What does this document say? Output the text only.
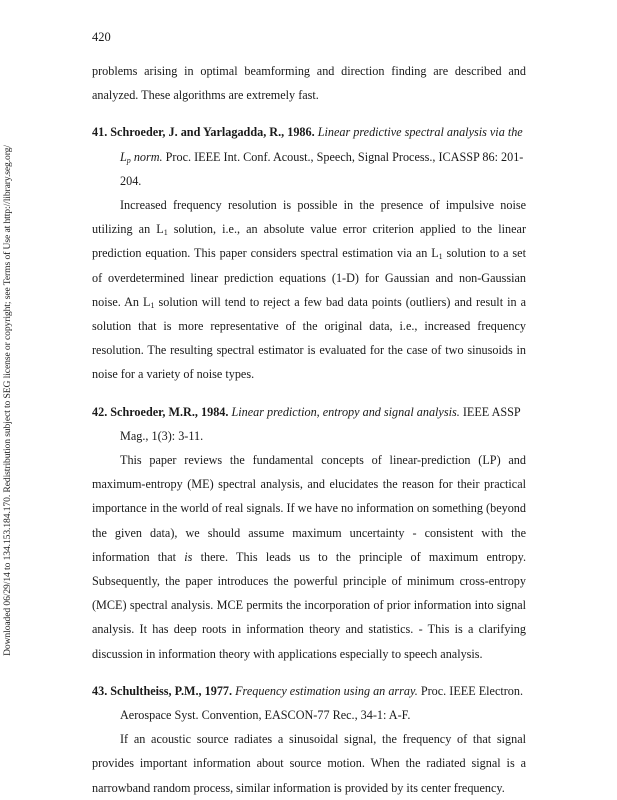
Downloaded 06/29/14 to 134.153.184.170. Redistribution subject to SEG license or copyright; see Terms of Use at http://library.seg.org/
420

problems arising in optimal beamforming and direction finding are described and analyzed. These algorithms are extremely fast.

41. Schroeder, J. and Yarlagadda, R., 1986. Linear predictive spectral analysis via the $L_p$ norm. Proc. IEEE Int. Conf. Acoust., Speech, Signal Process., ICASSP 86: 201-204.

Increased frequency resolution is possible in the presence of impulsive noise utilizing an $L_1$ solution, i.e., an absolute value error criterion applied to the linear prediction equation. This paper considers spectral estimation via an $L_1$ solution to a set of overdetermined linear prediction equations (1-D) for Gaussian and non-Gaussian noise. An $L_1$ solution will tend to reject a few bad data points (outliers) and result in a solution that is more representative of the original data, i.e., increased frequency resolution. The resulting spectral estimator is evaluated for the case of two sinusoids in noise for a variety of noise types.

42. Schroeder, M.R., 1984. Linear prediction, entropy and signal analysis. IEEE ASSP Mag., 1(3): 3-11.

This paper reviews the fundamental concepts of linear-prediction (LP) and maximum-entropy (ME) spectral analysis, and elucidates the reason for their practical importance in the world of real signals. If we have no information on something (beyond the given data), we should assume maximum uncertainty - consistent with the information that is there. This leads us to the principle of maximum entropy. Subsequently, the paper introduces the powerful principle of minimum cross-entropy (MCE) spectral analysis. MCE permits the incorporation of prior information into signal analysis. It has deep roots in information theory and statistics. - This is a clarifying discussion in information theory with applications especially to speech analysis.

43. Schultheiss, P.M., 1977. Frequency estimation using an array. Proc. IEEE Electron. Aerospace Syst. Convention, EASCON-77 Rec., 34-1: A-F.

If an acoustic source radiates a sinusoidal signal, the frequency of that signal provides important information about source motion. When the radiated signal is a narrowband random process, similar information is provided by its center frequency.
